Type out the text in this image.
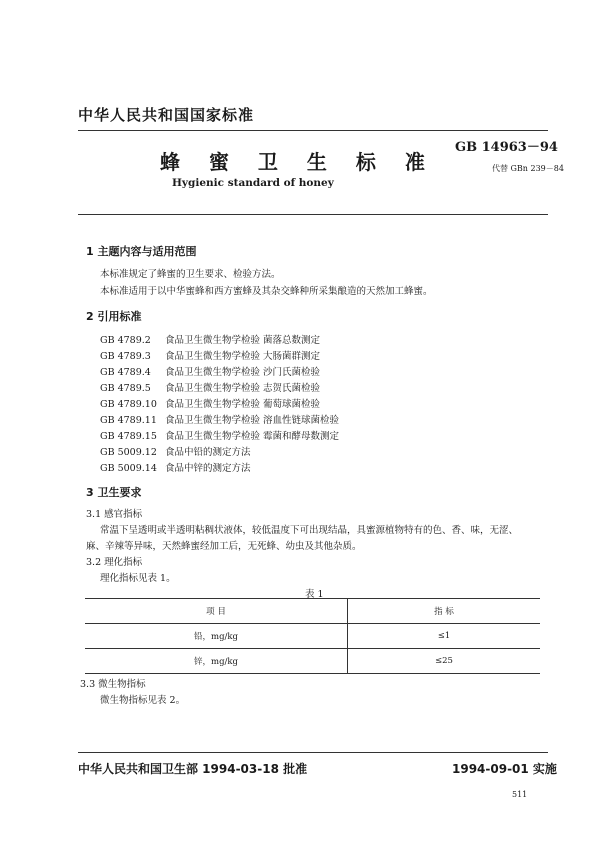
中华人民共和国国家标准
GB 14963－94
蜂 蜜 卫 生 标 准	代替 GBn 239－84
Hygienic standard of honey
1 主题内容与适用范围
本标准规定了蜂蜜的卫生要求、检验方法。
本标准适用于以中华蜜蜂和西方蜜蜂及其杂交蜂种所采集酿造的天然加工蜂蜜。
2 引用标准
GB 4789.2 食品卫生微生物学检验 菌落总数测定
GB 4789.3 食品卫生微生物学检验 大肠菌群测定
GB 4789.4 食品卫生微生物学检验 沙门氏菌检验
GB 4789.5 食品卫生微生物学检验 志贺氏菌检验
GB 4789.10 食品卫生微生物学检验 葡萄球菌检验
GB 4789.11 食品卫生微生物学检验 溶血性链球菌检验
GB 4789.15 食品卫生微生物学检验 霉菌和酵母数测定
GB 5009.12 食品中铅的测定方法
GB 5009.14 食品中锌的测定方法
3 卫生要求
3.1 感官指标
常温下呈透明或半透明粘稠状液体，较低温度下可出现结晶，具蜜源植物特有的色、香、味，无涩、
麻、辛辣等异味，天然蜂蜜经加工后，无死蜂、幼虫及其他杂质。
3.2 理化指标
理化指标见表 1。
表 1
项 目	指 标
铅，mg/kg	≤1
锌，mg/kg	≤25
3.3 微生物指标
微生物指标见表 2。
中华人民共和国卫生部 1994-03-18 批准	1994-09-01 实施
511
